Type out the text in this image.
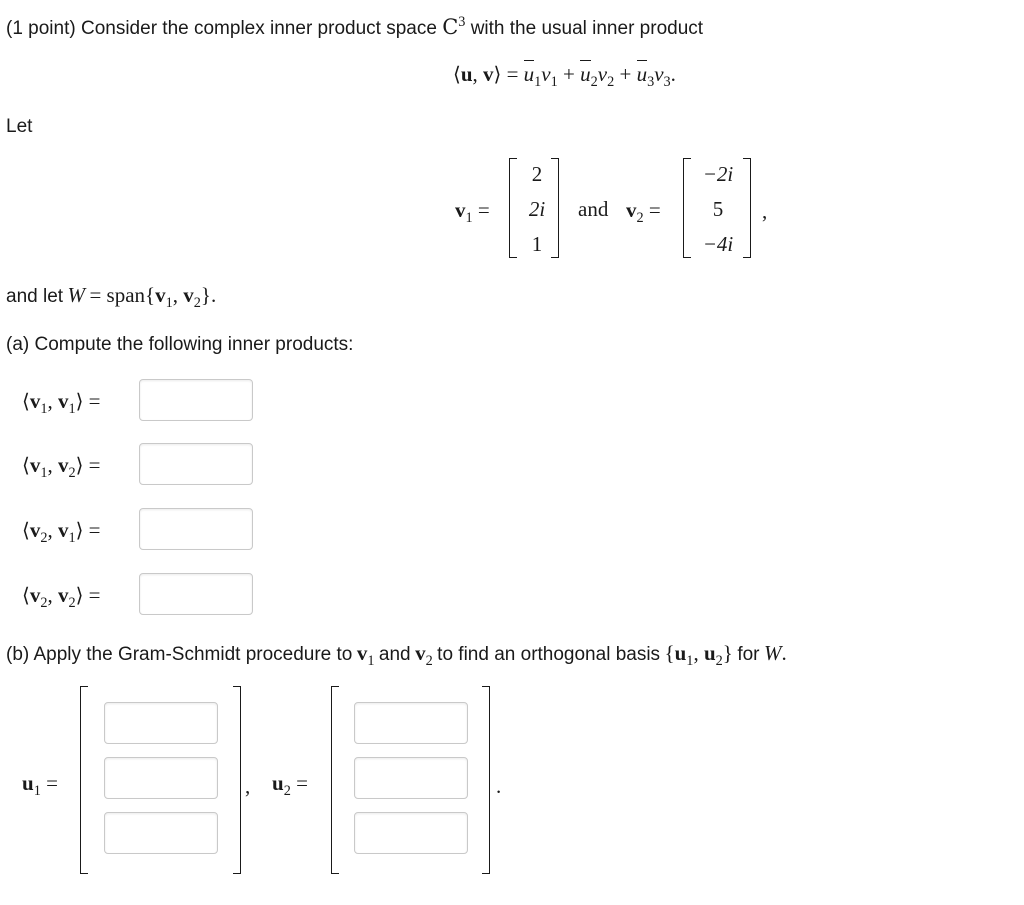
(1 point) Consider the complex inner product space $C^3$ with the usual inner product
⟨u, v⟩ = $u_1v_1 + u_2v_2 + u_3v_3$.
Let
$v_1$ =
2
2i
1
and $v_2$ =
−2i
5
−4i
,
and let $W = span\{v_1$, $v_2$}.
(a) Compute the following inner products:
$⟨v_1$, $v_1⟩$ =
$⟨v_1$, $v_2⟩$ =
$⟨v_2$, $v_1⟩$ =
$⟨v_2$, $v_2⟩$ =
(b) Apply the Gram-Schmidt procedure to $v_1$ and $v_2$ to find an orthogonal basis {$u_1$, $u_2$} for W.
$u_1$ =	, $u_2$ =	.
